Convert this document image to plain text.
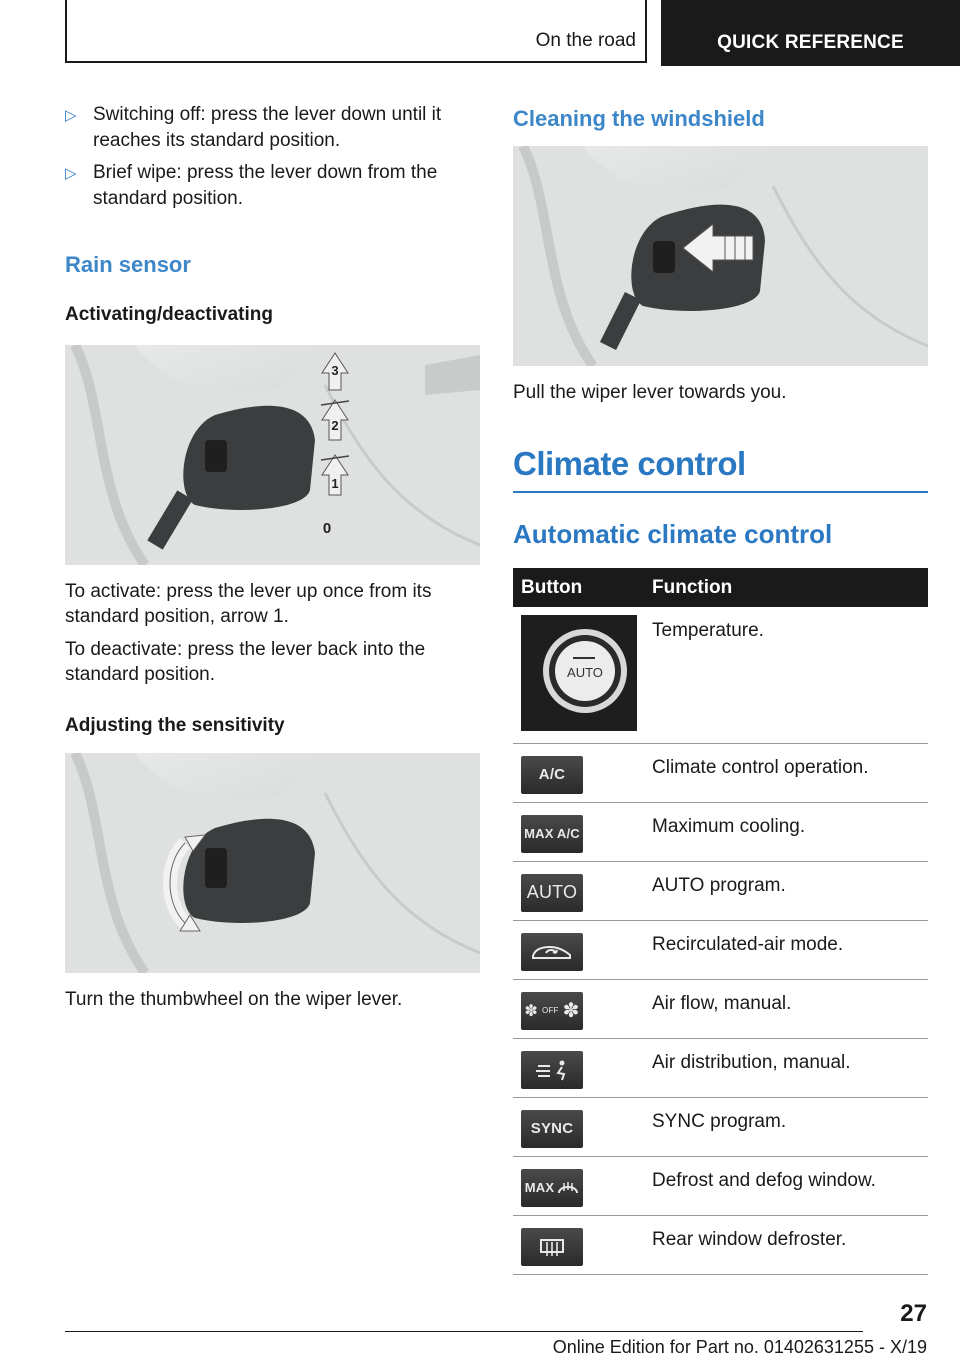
On the road	QUICK REFERENCE
▷ Switching off: press the lever down until it reaches its standard position.
▷ Brief wipe: press the lever down from the standard position.
Rain sensor
Activating/deactivating
3
2
1
0

To activate: press the lever up once from its standard position, arrow 1.

To deactivate: press the lever back into the standard position.

Adjusting the sensitivity

Turn the thumbwheel on the wiper lever.

Cleaning the windshield

Pull the wiper lever towards you.

Climate control
Automatic climate control
Button	Function

AUTO	Temperature.

A/C	Climate control operation.

MAX A/C	Maximum cooling.

AUTO	AUTO program.

	Recirculated-air mode.

✽ OFF ✽	Air flow, manual.

	Air distribution, manual.

SYNC	SYNC program.

MAX	Defrost and defog window.

	Rear window defroster.
27
Online Edition for Part no. 01402631255 - X/19
